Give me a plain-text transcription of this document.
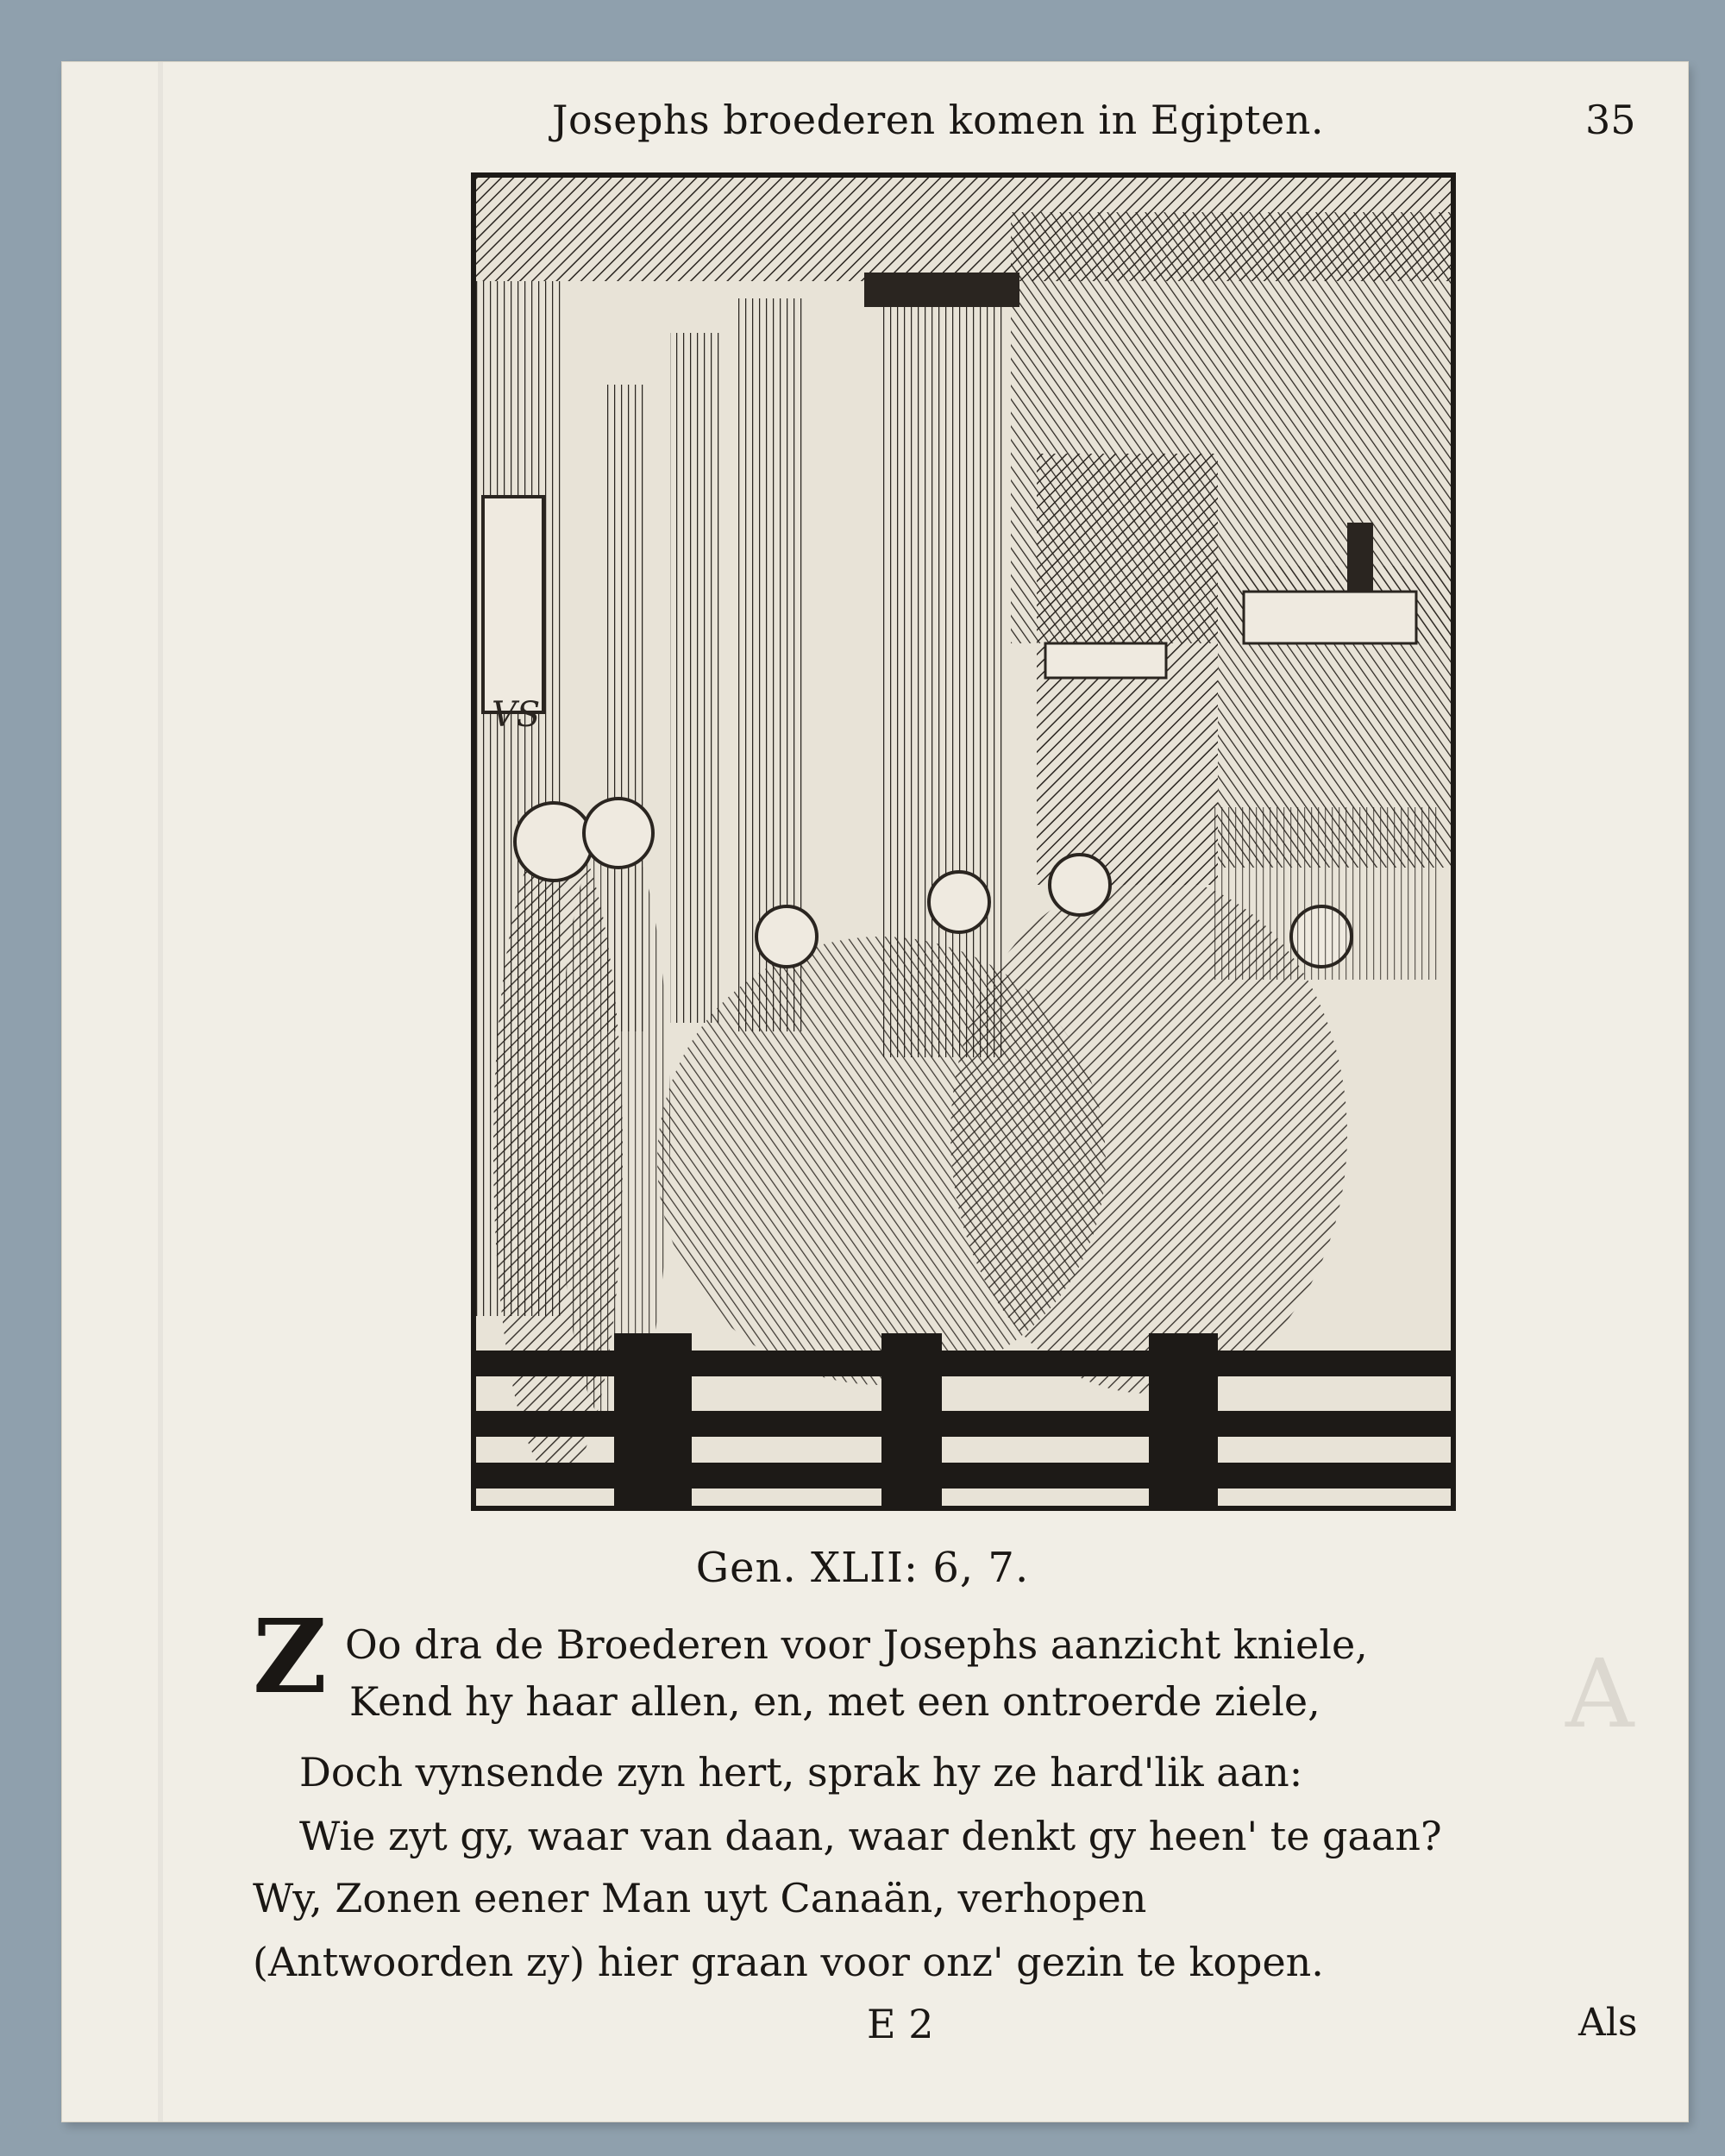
A
Josephs broederen komen in Egipten.	35
VS
Gen. XLII: 6, 7.
Z Oo dra de Broederen voor Josephs aanzicht kniele,
Kend hy haar allen, en, met een ontroerde ziele,
Doch vynsende zyn hert, sprak hy ze hard'lik aan:
Wie zyt gy, waar van daan, waar denkt gy heen' te gaan?
Wy, Zonen eener Man uyt Canaän, verhopen
(Antwoorden zy) hier graan voor onz' gezin te kopen.
E 2	Als
